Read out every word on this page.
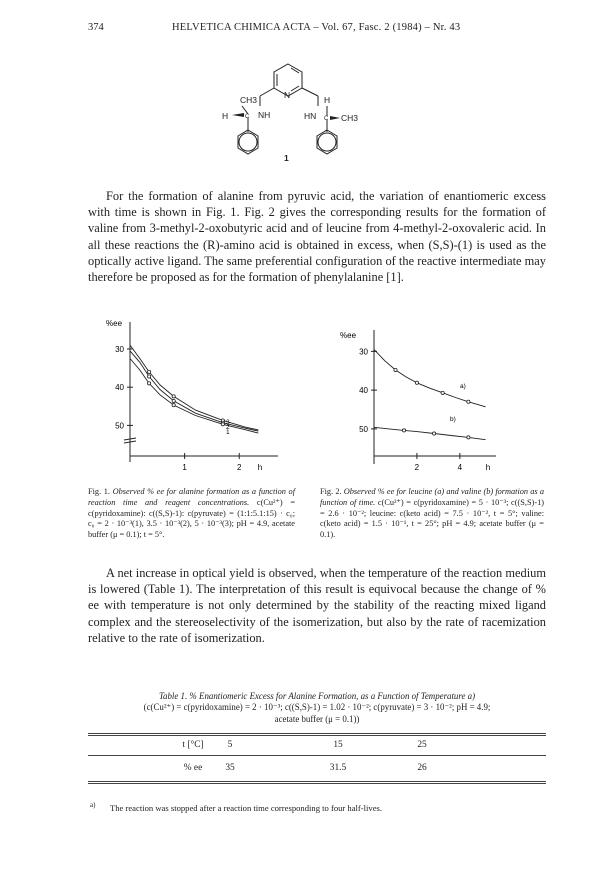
374	HELVETICA CHIMICA ACTA – Vol. 67, Fasc. 2 (1984) – Nr. 43
CH3
H	C NH
N
HN C CH3
H
1

For the formation of alanine from pyruvic acid, the variation of enantiomeric excess with time is shown in Fig. 1. Fig. 2 gives the corresponding results for the formation of valine from 3-methyl-2-oxobutyric acid and of leucine from 4-methyl-2-oxovaleric acid. In all these reactions the (R)-amino acid is obtained in excess, when (S,S)-(1) is used as the optically active ligand. The same preferential configuration of the reactive intermediate may therefore be proposed as for the formation of phenylalanine [1].

%ee
50
40
30
1	2 h
3
2
1

Fig. 1. Observed % ee for alanine formation as a function of reaction time and reagent concentrations. c(Cu²⁺) = c(pyridoxamine): c((S,S)-1): c(pyruvate) = (1:1:5.1:15) · c₀; c₀ = 2 · 10⁻³(1), 3.5 · 10⁻³(2), 5 · 10⁻³(3); pH = 4.9, acetate buffer (μ = 0.1); t = 5°.

%ee
50
40
30
2	4	h
a)
b)

Fig. 2. Observed % ee for leucine (a) and valine (b) formation as a function of time. c(Cu²⁺) = c(pyridoxamine) = 5 · 10⁻³; c((S,S)-1) = 2.6 · 10⁻²; leucine: c(keto acid) = 7.5 · 10⁻², t = 5°; valine: c(keto acid) = 1.5 · 10⁻¹, t = 25°; pH = 4.9; acetate buffer (μ = 0.1).

A net increase in optical yield is observed, when the temperature of the reaction medium is lowered (Table 1). The interpretation of this result is equivocal because the change of % ee with temperature is not only determined by the stability of the reacting mixed ligand complex and the stereoselectivity of the isomerization, but also by the rate of racemization relative to the rate of isomerization.

Table 1. % Enantiomeric Excess for Alanine Formation, as a Function of Temperature a)
(c(Cu²⁺) = c(pyridoxamine) = 2 · 10⁻³; c((S,S)-1) = 1.02 · 10⁻²; c(pyruvate) = 3 · 10⁻²; pH = 4.9;
acetate buffer (μ = 0.1))
t [°C]	5	15	25
% ee	35	31.5	26
a) The reaction was stopped after a reaction time corresponding to four half-lives.
